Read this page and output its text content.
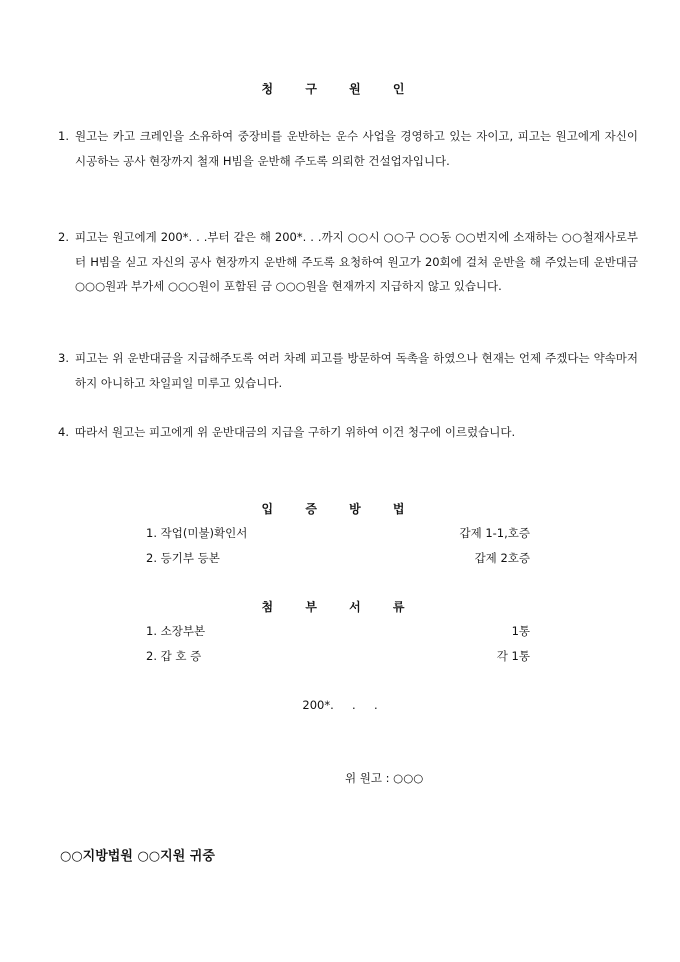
청 구 원 인
1. 원고는 카고 크레인을 소유하여 중장비를 운반하는 운수 사업을 경영하고 있는 자이고, 피고는 원고에게 자신이 시공하는 공사 현장까지 철재 H빔을 운반해 주도록 의뢰한 건설업자입니다.
2. 피고는 원고에게 200*. . .부터 같은 해 200*. . .까지 ○○시 ○○구 ○○동 ○○번지에 소재하는 ○○철재사로부터 H빔을 싣고 자신의 공사 현장까지 운반해 주도록 요청하여 원고가 20회에 걸쳐 운반을 해 주었는데 운반대금 ○○○원과 부가세 ○○○원이 포함된 금 ○○○원을 현재까지 지급하지 않고 있습니다.
3. 피고는 위 운반대금을 지급해주도록 여러 차례 피고를 방문하여 독촉을 하였으나 현재는 언제 주겠다는 약속마저 하지 아니하고 차일피일 미루고 있습니다.
4. 따라서 원고는 피고에게 위 운반대금의 지급을 구하기 위하여 이건 청구에 이르렀습니다.
입 증 방 법
1. 작업(미불)확인서	갑제 1-1,호증
2. 등기부 등본	갑제 2호증
첨 부 서 류
1. 소장부본	1통
2. 갑 호 증	각 1통
200*.     .     .
위 원고 : ○○○
○○지방법원 ○○지원 귀중
